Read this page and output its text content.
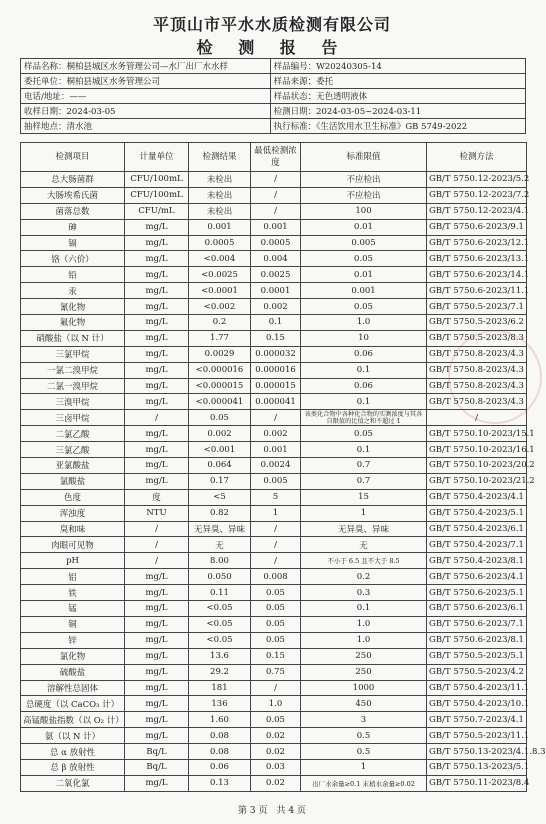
平顶山市平水水质检测有限公司
检 测 报 告
样品名称：桐柏县城区水务管理公司—水厂出厂水水样	样品编号：W20240305-14
委托单位：桐柏县城区水务管理公司	样品来源：委托
电话/地址：——	样品状态：无色透明液体
收样日期：2024-03-05	检测日期：2024-03-05~2024-03-11
抽样地点：清水池	执行标准：《生活饮用水卫生标准》GB 5749-2022
检测项目	计量单位	检测结果	最低检测浓度	标准限值	检测方法
总大肠菌群	CFU/100mL	未检出	/	不应检出	GB/T 5750.12-2023/5.2
大肠埃希氏菌	CFU/100mL	未检出	/	不应检出	GB/T 5750.12-2023/7.2
菌落总数	CFU/mL	未检出	/	100	GB/T 5750.12-2023/4.1
砷	mg/L	0.001	0.001	0.01	GB/T 5750.6-2023/9.1
镉	mg/L	0.0005	0.0005	0.005	GB/T 5750.6-2023/12.1
铬（六价）	mg/L	<0.004	0.004	0.05	GB/T 5750.6-2023/13.1
铅	mg/L	<0.0025	0.0025	0.01	GB/T 5750.6-2023/14.1
汞	mg/L	<0.0001	0.0001	0.001	GB/T 5750.6-2023/11.1
氰化物	mg/L	<0.002	0.002	0.05	GB/T 5750.5-2023/7.1
氟化物	mg/L	0.2	0.1	1.0	GB/T 5750.5-2023/6.2
硝酸盐（以 N 计）	mg/L	1.77	0.15	10	GB/T 5750.5-2023/8.3
三氯甲烷	mg/L	0.0029	0.000032	0.06	GB/T 5750.8-2023/4.3
一氯二溴甲烷	mg/L	<0.000016	0.000016	0.1	GB/T 5750.8-2023/4.3
二氯一溴甲烷	mg/L	<0.000015	0.000015	0.06	GB/T 5750.8-2023/4.3
三溴甲烷	mg/L	<0.000041	0.000041	0.1	GB/T 5750.8-2023/4.3
三卤甲烷	/	0.05	/	该类化合物中各种化合物的实测浓度与其各自限值的比值之和不超过 1	/
二氯乙酸	mg/L	0.002	0.002	0.05	GB/T 5750.10-2023/15.1
三氯乙酸	mg/L	<0.001	0.001	0.1	GB/T 5750.10-2023/16.1
亚氯酸盐	mg/L	0.064	0.0024	0.7	GB/T 5750.10-2023/20.2
氯酸盐	mg/L	0.17	0.005	0.7	GB/T 5750.10-2023/21.2
色度	度	<5	5	15	GB/T 5750.4-2023/4.1
浑浊度	NTU	0.82	1	1	GB/T 5750.4-2023/5.1
臭和味	/	无异臭、异味	/	无异臭、异味	GB/T 5750.4-2023/6.1
肉眼可见物	/	无	/	无	GB/T 5750.4-2023/7.1
pH	/	8.00	/	不小于 6.5 且不大于 8.5	GB/T 5750.4-2023/8.1
铝	mg/L	0.050	0.008	0.2	GB/T 5750.6-2023/4.1
铁	mg/L	0.11	0.05	0.3	GB/T 5750.6-2023/5.1
锰	mg/L	<0.05	0.05	0.1	GB/T 5750.6-2023/6.1
铜	mg/L	<0.05	0.05	1.0	GB/T 5750.6-2023/7.1
锌	mg/L	<0.05	0.05	1.0	GB/T 5750.6-2023/8.1
氯化物	mg/L	13.6	0.15	250	GB/T 5750.5-2023/5.1
硫酸盐	mg/L	29.2	0.75	250	GB/T 5750.5-2023/4.2
溶解性总固体	mg/L	181	/	1000	GB/T 5750.4-2023/11.1
总硬度（以 CaCO₃ 计）	mg/L	136	1.0	450	GB/T 5750.4-2023/10.1
高锰酸盐指数（以 O₂ 计）	mg/L	1.60	0.05	3	GB/T 5750.7-2023/4.1
氨（以 N 计）	mg/L	0.08	0.02	0.5	GB/T 5750.5-2023/11.1
总 α 放射性	Bq/L	0.08	0.02	0.5	GB/T 5750.13-2023/4.1.8.3
总 β 放射性	Bq/L	0.06	0.03	1	GB/T 5750.13-2023/5.1
二氧化氯	mg/L	0.13	0.02	出厂水余量≥0.1 末梢水余量≥0.02	GB/T 5750.11-2023/8.4
第 3 页　共 4 页
